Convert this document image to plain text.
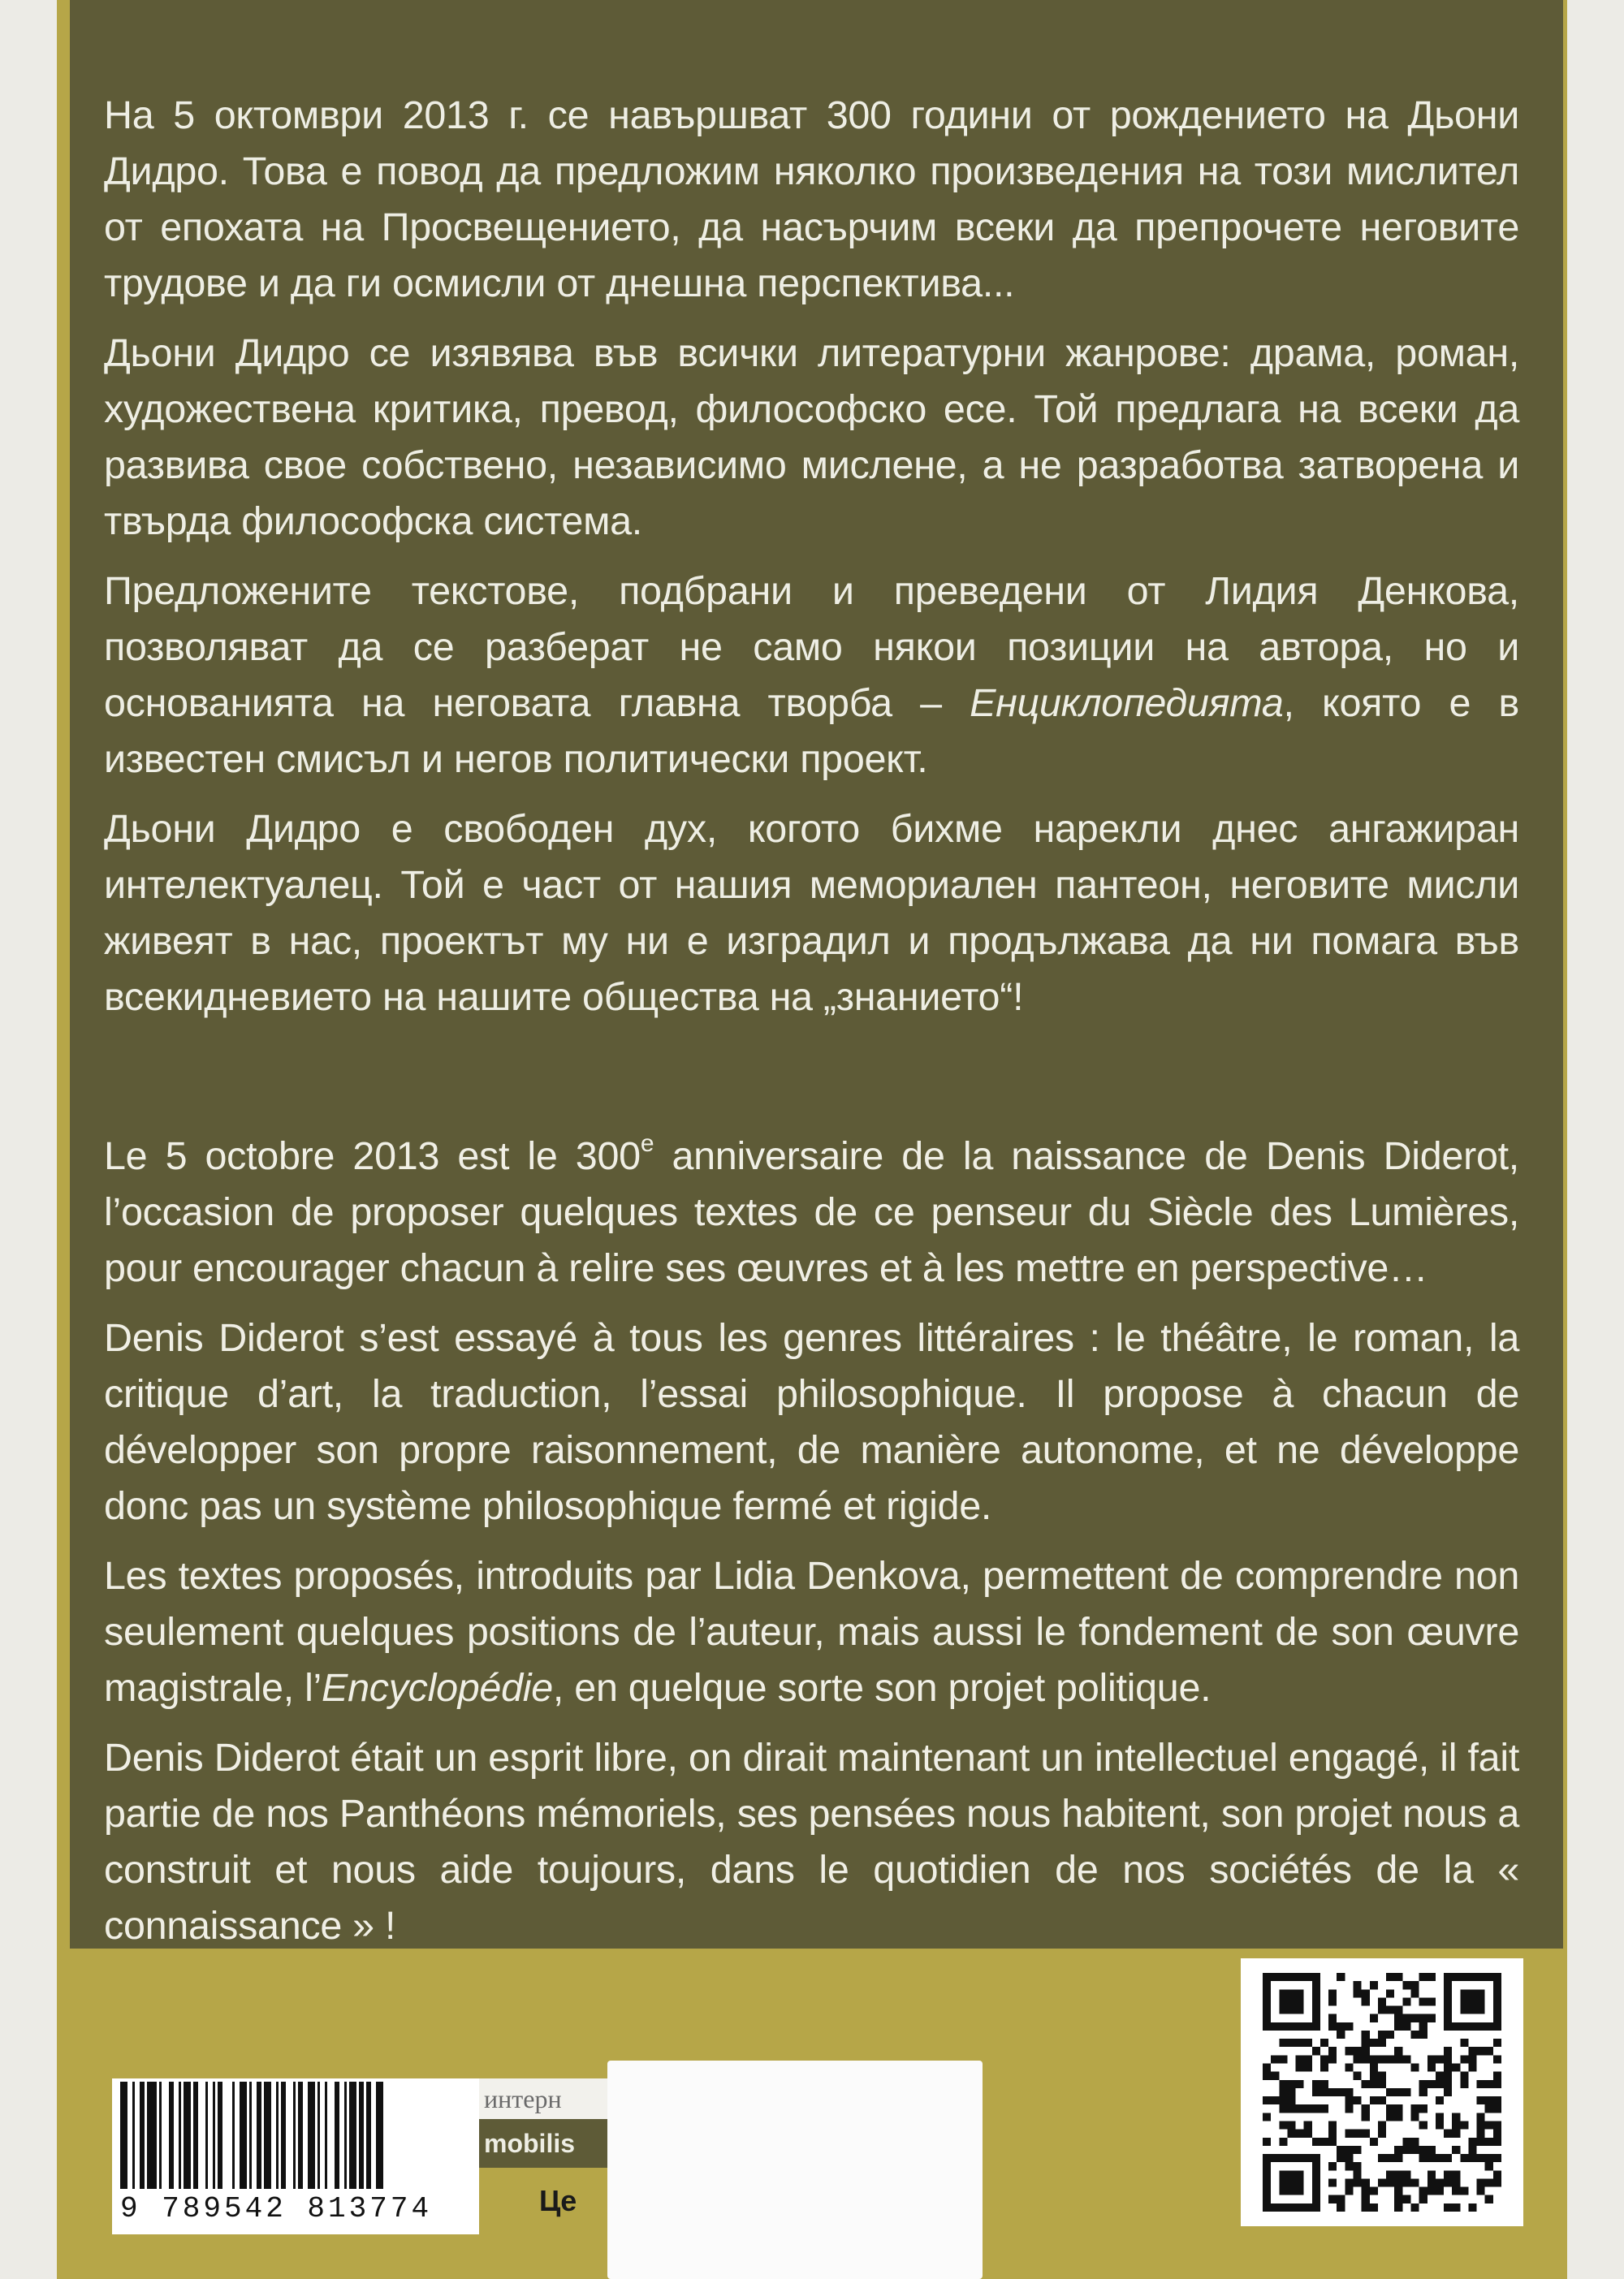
На 5 октомври 2013 г. се навършват 300 години от рождението на Дьони Дидро. Това е повод да предложим няколко произведения на този мислител от епохата на Просвещението, да насърчим всеки да препрочете неговите трудове и да ги осмисли от днешна перспектива...

Дьони Дидро се изявява във всички литературни жанрове: драма, роман, художествена критика, превод, философско есе. Той предлага на всеки да развива свое собствено, независимо мислене, а не разработва затворена и твърда философска система.

Предложените текстове, подбрани и преведени от Лидия Денкова, позволяват да се разберат не само някои позиции на автора, но и основанията на неговата главна творба – Енциклопедията, която е в известен смисъл и негов политически проект.

Дьони Дидро е свободен дух, когото бихме нарекли днес ангажиран интелектуалец. Той е част от нашия мемориален пантеон, неговите мисли живеят в нас, проектът му ни е изградил и продължава да ни помага във всекидневието на нашите общества на „знанието“!

Le 5 octobre 2013 est le 300e anniversaire de la naissance de Denis Diderot, l’occasion de proposer quelques textes de ce penseur du Siècle des Lumières, pour encourager chacun à relire ses œuvres et à les mettre en perspective…

Denis Diderot s’est essayé à tous les genres littéraires : le théâtre, le roman, la critique d’art, la traduction, l’essai philosophique. Il propose à chacun de développer son propre raisonnement, de manière autonome, et ne développe donc pas un système philosophique fermé et rigide.

Les textes proposés, introduits par Lidia Denkova, permettent de comprendre non seulement quelques positions de l’auteur, mais aussi le fondement de son œuvre magistrale, l’Encyclopédie, en quelque sorte son projet politique.

Denis Diderot était un esprit libre, on dirait maintenant un intellectuel engagé, il fait partie de nos Panthéons mémoriels, ses pensées nous habitent, son projet nous a construit et nous aide toujours, dans le quotidien de nos sociétés de la « connaissance » !

9 789542 813774
интерн
mobilis
Цe
